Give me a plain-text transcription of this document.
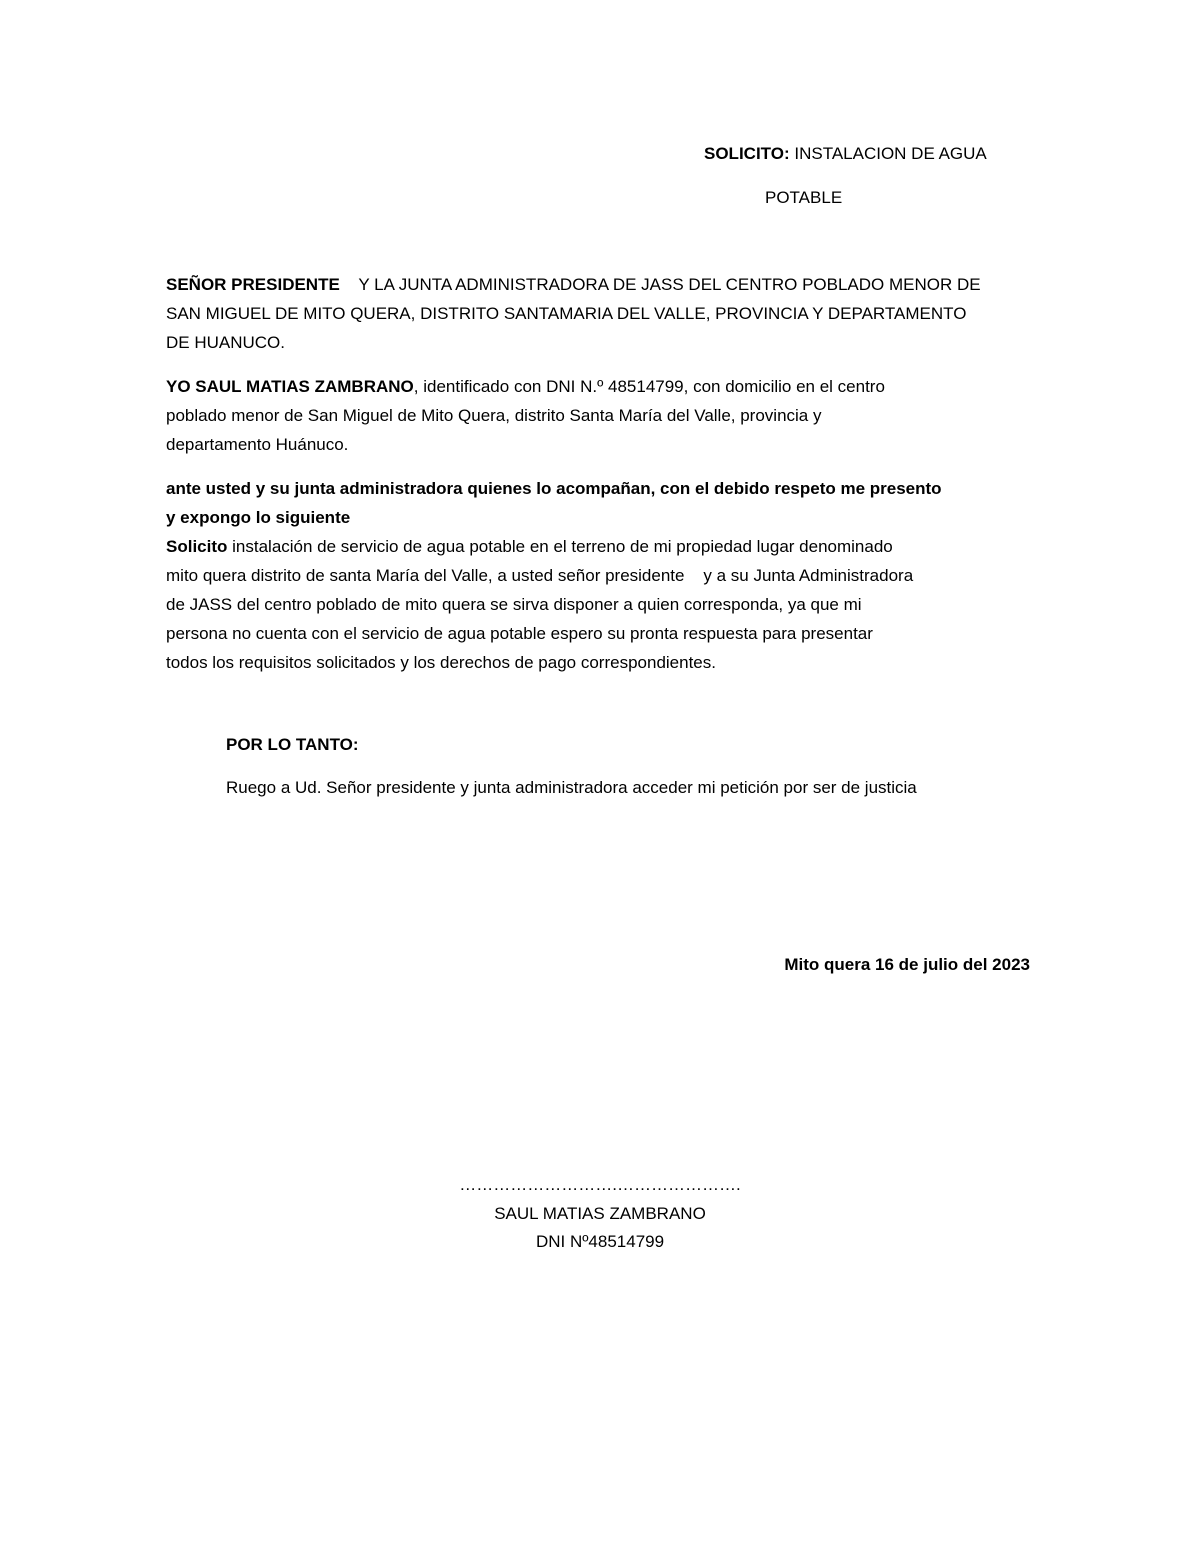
SOLICITO: INSTALACION DE AGUA
POTABLE
SEÑOR PRESIDENTE    Y LA JUNTA ADMINISTRADORA DE JASS DEL CENTRO POBLADO MENOR DE
SAN MIGUEL DE MITO QUERA, DISTRITO SANTAMARIA DEL VALLE, PROVINCIA Y DEPARTAMENTO
DE HUANUCO.
YO SAUL MATIAS ZAMBRANO, identificado con DNI N.º 48514799, con domicilio en el centro
poblado menor de San Miguel de Mito Quera, distrito Santa María del Valle, provincia y
departamento Huánuco.
ante usted y su junta administradora quienes lo acompañan, con el debido respeto me presento
y expongo lo siguiente
Solicito instalación de servicio de agua potable en el terreno de mi propiedad lugar denominado
mito quera distrito de santa María del Valle, a usted señor presidente    y a su Junta Administradora
de JASS del centro poblado de mito quera se sirva disponer a quien corresponda, ya que mi
persona no cuenta con el servicio de agua potable espero su pronta respuesta para presentar
todos los requisitos solicitados y los derechos de pago correspondientes.
POR LO TANTO:
Ruego a Ud. Señor presidente y junta administradora acceder mi petición por ser de justicia
Mito quera 16 de julio del 2023
……………………….………………….
SAUL MATIAS ZAMBRANO
DNI Nº48514799
